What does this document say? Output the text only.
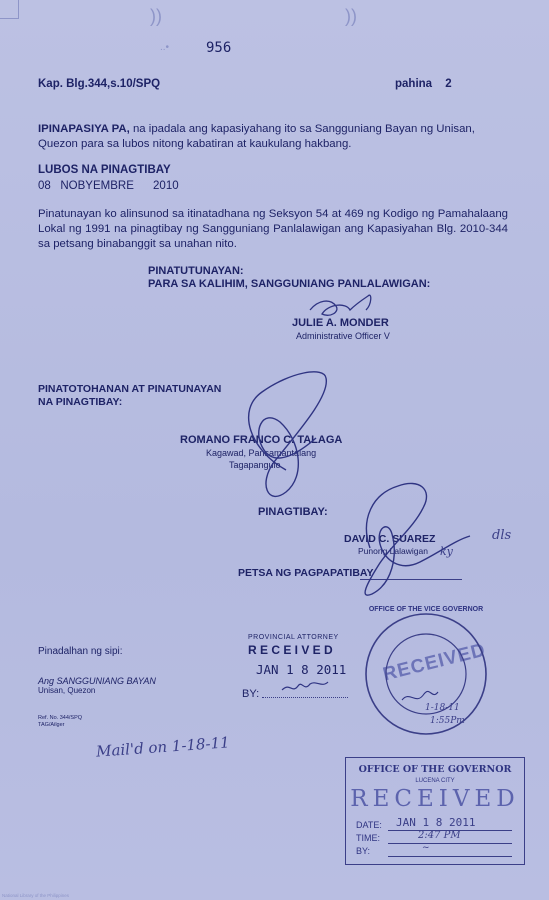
))	))
956
..•
Kap. Blg.344,s.10/SPQ	pahina 2
IPINAPASIYA PA, na ipadala ang kapasiyahang ito sa Sangguniang Bayan ng Unisan, Quezon para sa lubos nitong kabatiran at kaukulang hakbang.
LUBOS NA PINAGTIBAY
08   NOBYEMBRE      2010
Pinatunayan ko alinsunod sa itinatadhana ng Seksyon 54 at 469 ng Kodigo ng Pamahalaang Lokal ng 1991 na pinagtibay ng Sangguniang Panlalawigan ang Kapasiyahan Blg. 2010-344 sa petsang binabanggit sa unahan nito.
PINATUTUNAYAN:
PARA SA KALIHIM, SANGGUNIANG PANLALAWIGAN:
JULIE A. MONDER
Administrative Officer V
PINATOTOHANAN AT PINATUNAYAN
NA PINAGTIBAY:
ROMANO FRANCO C. TALAGA
Kagawad, Pansamantalang
Tagapangulo
PINAGTIBAY:
DAVID C. SUAREZ
Punong Lalawigan
dls
ky
PETSA NG PAGPAPATIBAY
Pinadalhan ng sipi:
Ang SANGGUNIANG BAYAN
Unisan, Quezon
Ref. No. 344/SPQ
TAG/Ailger
Mail'd on 1-18-11
PROVINCIAL ATTORNEY
R E C E I V E D
JAN 1 8 2011
BY:
OFFICE OF THE VICE GOVERNOR
RECEIVED
1-18-11
1:55Pm
OFFICE OF THE GOVERNOR
LUCENA CITY
RECEIVED
DATE: JAN 1 8 2011
TIME:	2:47 PM
BY:	~
National Library of the Philippines
